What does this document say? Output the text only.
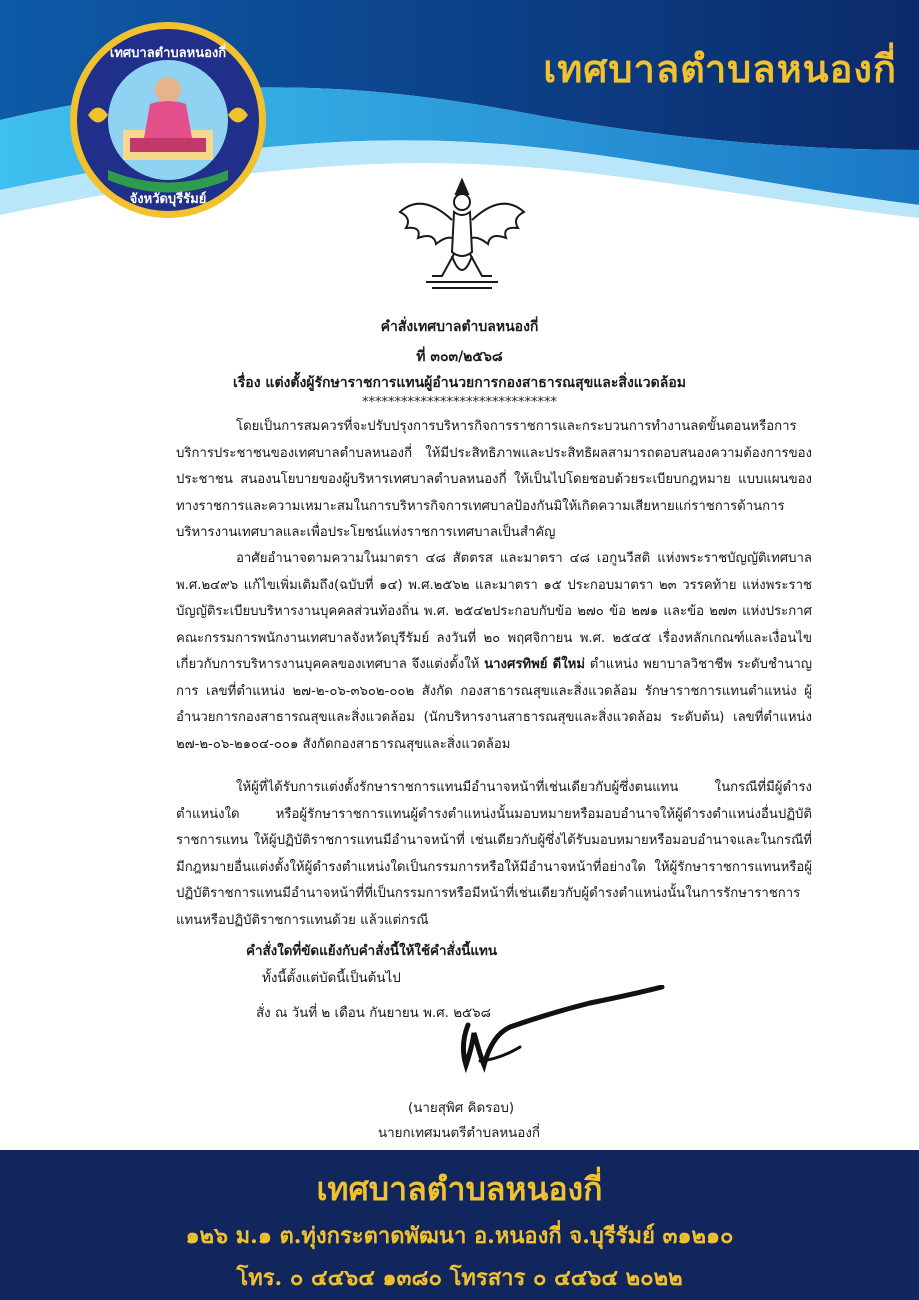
เทศบาลตำบลหนองกี่
จังหวัดบุรีรัมย์
เทศบาลตำบลหนองกี่
คำสั่งเทศบาลตำบลหนองกี่
ที่ ๓๐๓/๒๕๖๘
เรื่อง แต่งตั้งผู้รักษาราชการแทนผู้อำนวยการกองสาธารณสุขและสิ่งแวดล้อม
******************************
โดยเป็นการสมควรที่จะปรับปรุงการบริหารกิจการราชการและกระบวนการทำงานลดขั้นตอนหรือการบริการประชาชนของเทศบาลตำบลหนองกี่ ให้มีประสิทธิภาพและประสิทธิผลสามารถตอบสนองความต้องการของประชาชน สนองนโยบายของผู้บริหารเทศบาลตำบลหนองกี่ ให้เป็นไปโดยชอบด้วยระเบียบกฎหมาย แบบแผนของทางราชการและความเหมาะสมในการบริหารกิจการเทศบาลป้องกันมิให้เกิดความเสียหายแก่ราชการด้านการบริหารงานเทศบาลและเพื่อประโยชน์แห่งราชการเทศบาลเป็นสำคัญ
อาศัยอำนาจตามความในมาตรา ๔๘ สัตตรส และมาตรา ๔๘ เอกูนวีสติ แห่งพระราชบัญญัติเทศบาล พ.ศ.๒๔๙๖ แก้ไขเพิ่มเติมถึง(ฉบับที่ ๑๔) พ.ศ.๒๕๖๒ และมาตรา ๑๕ ประกอบมาตรา ๒๓ วรรคท้าย แห่งพระราชบัญญัติระเบียบบริหารงานบุคคลส่วนท้องถิ่น พ.ศ. ๒๕๔๒ประกอบกับข้อ ๒๗๐ ข้อ ๒๗๑ และข้อ ๒๗๓ แห่งประกาศคณะกรรมการพนักงานเทศบาลจังหวัดบุรีรัมย์ ลงวันที่ ๒๐ พฤศจิกายน พ.ศ. ๒๕๔๕ เรื่องหลักเกณฑ์และเงื่อนไขเกี่ยวกับการบริหารงานบุคคลของเทศบาล จึงแต่งตั้งให้ นางศรทิพย์ ดีใหม่ ตำแหน่ง พยาบาลวิชาชีพ ระดับชำนาญการ เลขที่ตำแหน่ง ๒๗-๒-๐๖-๓๖๐๒-๐๐๒ สังกัด กองสาธารณสุขและสิ่งแวดล้อม รักษาราชการแทนตำแหน่ง ผู้อำนวยการกองสาธารณสุขและสิ่งแวดล้อม (นักบริหารงานสาธารณสุขและสิ่งแวดล้อม ระดับต้น) เลขที่ตำแหน่ง ๒๗-๒-๐๖-๒๑๐๔-๐๐๑ สังกัดกองสาธารณสุขและสิ่งแวดล้อม
ให้ผู้ที่ได้รับการแต่งตั้งรักษาราชการแทนมีอำนาจหน้าที่เช่นเดียวกับผู้ซึ่งตนแทน ในกรณีที่มีผู้ดำรงตำแหน่งใด หรือผู้รักษาราชการแทนผู้ดำรงตำแหน่งนั้นมอบหมายหรือมอบอำนาจให้ผู้ดำรงตำแหน่งอื่นปฏิบัติราชการแทน ให้ผู้ปฏิบัติราชการแทนมีอำนาจหน้าที่ เช่นเดียวกับผู้ซึ่งได้รับมอบหมายหรือมอบอำนาจและในกรณีที่มีกฎหมายอื่นแต่งตั้งให้ผู้ดำรงตำแหน่งใดเป็นกรรมการหรือให้มีอำนาจหน้าที่อย่างใด ให้ผู้รักษาราชการแทนหรือผู้ปฏิบัติราชการแทนมีอำนาจหน้าที่ที่เป็นกรรมการหรือมีหน้าที่เช่นเดียวกับผู้ดำรงตำแหน่งนั้นในการรักษาราชการแทนหรือปฏิบัติราชการแทนด้วย แล้วแต่กรณี
คำสั่งใดที่ขัดแย้งกับคำสั่งนี้ให้ใช้คำสั่งนี้แทน
ทั้งนี้ตั้งแต่บัดนี้เป็นต้นไป
สั่ง ณ วันที่ ๒ เดือน กันยายน พ.ศ. ๒๕๖๘
(นายสุพิศ คิดรอบ)
นายกเทศมนตรีตำบลหนองกี่
เทศบาลตำบลหนองกี่
๑๒๖ ม.๑ ต.ทุ่งกระตาดพัฒนา อ.หนองกี่ จ.บุรีรัมย์ ๓๑๒๑๐
โทร. ๐ ๔๔๖๔ ๑๓๘๐ โทรสาร ๐ ๔๔๖๔ ๒๐๒๒
